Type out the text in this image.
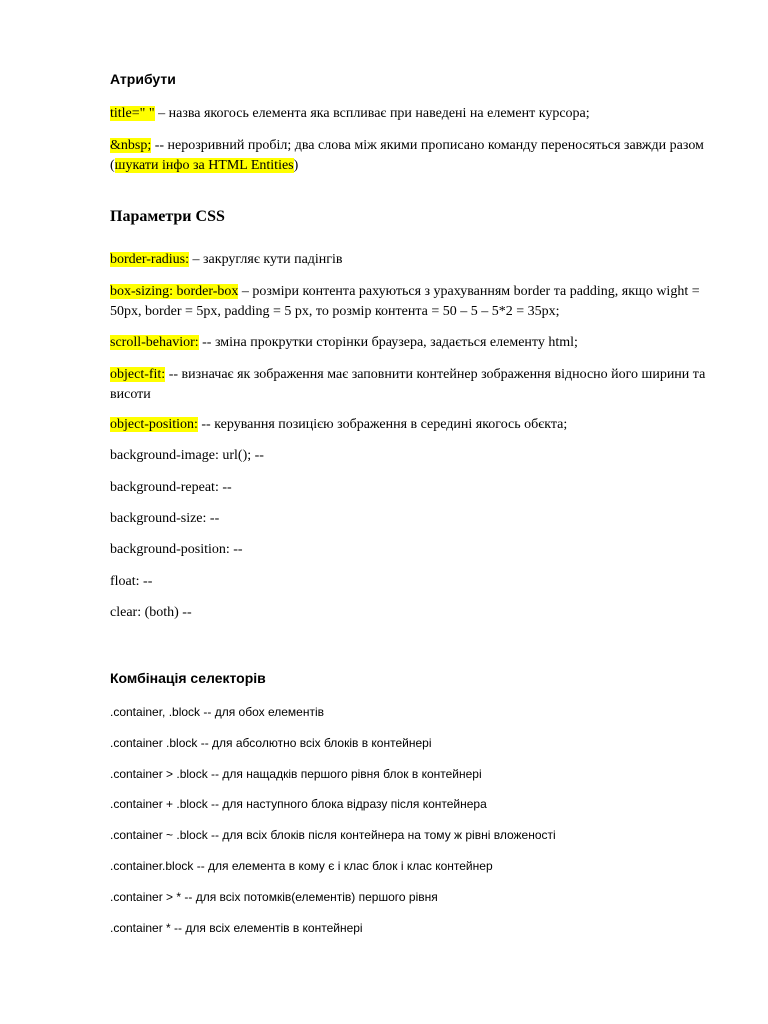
Атрибути
title=" " – назва якогось елемента яка вспливає при наведені на елемент курсора;
&nbsp; -- нерозривний пробіл; два слова між якими прописано команду переносяться завжди разом (шукати інфо за HTML Entities)
Параметри CSS
border-radius: – закругляє кути падінгів
box-sizing: border-box – розміри контента рахуються з урахуванням border та padding, якщо wight = 50px, border = 5px, padding = 5 px, то розмір контента = 50 – 5 – 5*2 = 35px;
scroll-behavior: -- зміна прокрутки сторінки браузера, задається елементу html;
object-fit: -- визначає як зображення має заповнити контейнер зображення відносно його ширини та висоти
object-position: -- керування позицією зображення в середині якогось обєкта;
background-image: url(); --
background-repeat: --
background-size: --
background-position: --
float: --
clear: (both) --
Комбінація селекторів
.container, .block -- для обох елементів
.container .block -- для абсолютно всіх блоків в контейнері
.container > .block -- для нащадків першого рівня блок в контейнері
.container + .block -- для наступного блока відразу після контейнера
.container ~ .block -- для всіх блоків після контейнера на тому ж рівні вложеності
.container.block -- для елемента в кому є і клас блок і клас контейнер
.container > * -- для всіх потомків(елементів) першого рівня
.container * -- для всіх елементів в контейнері
